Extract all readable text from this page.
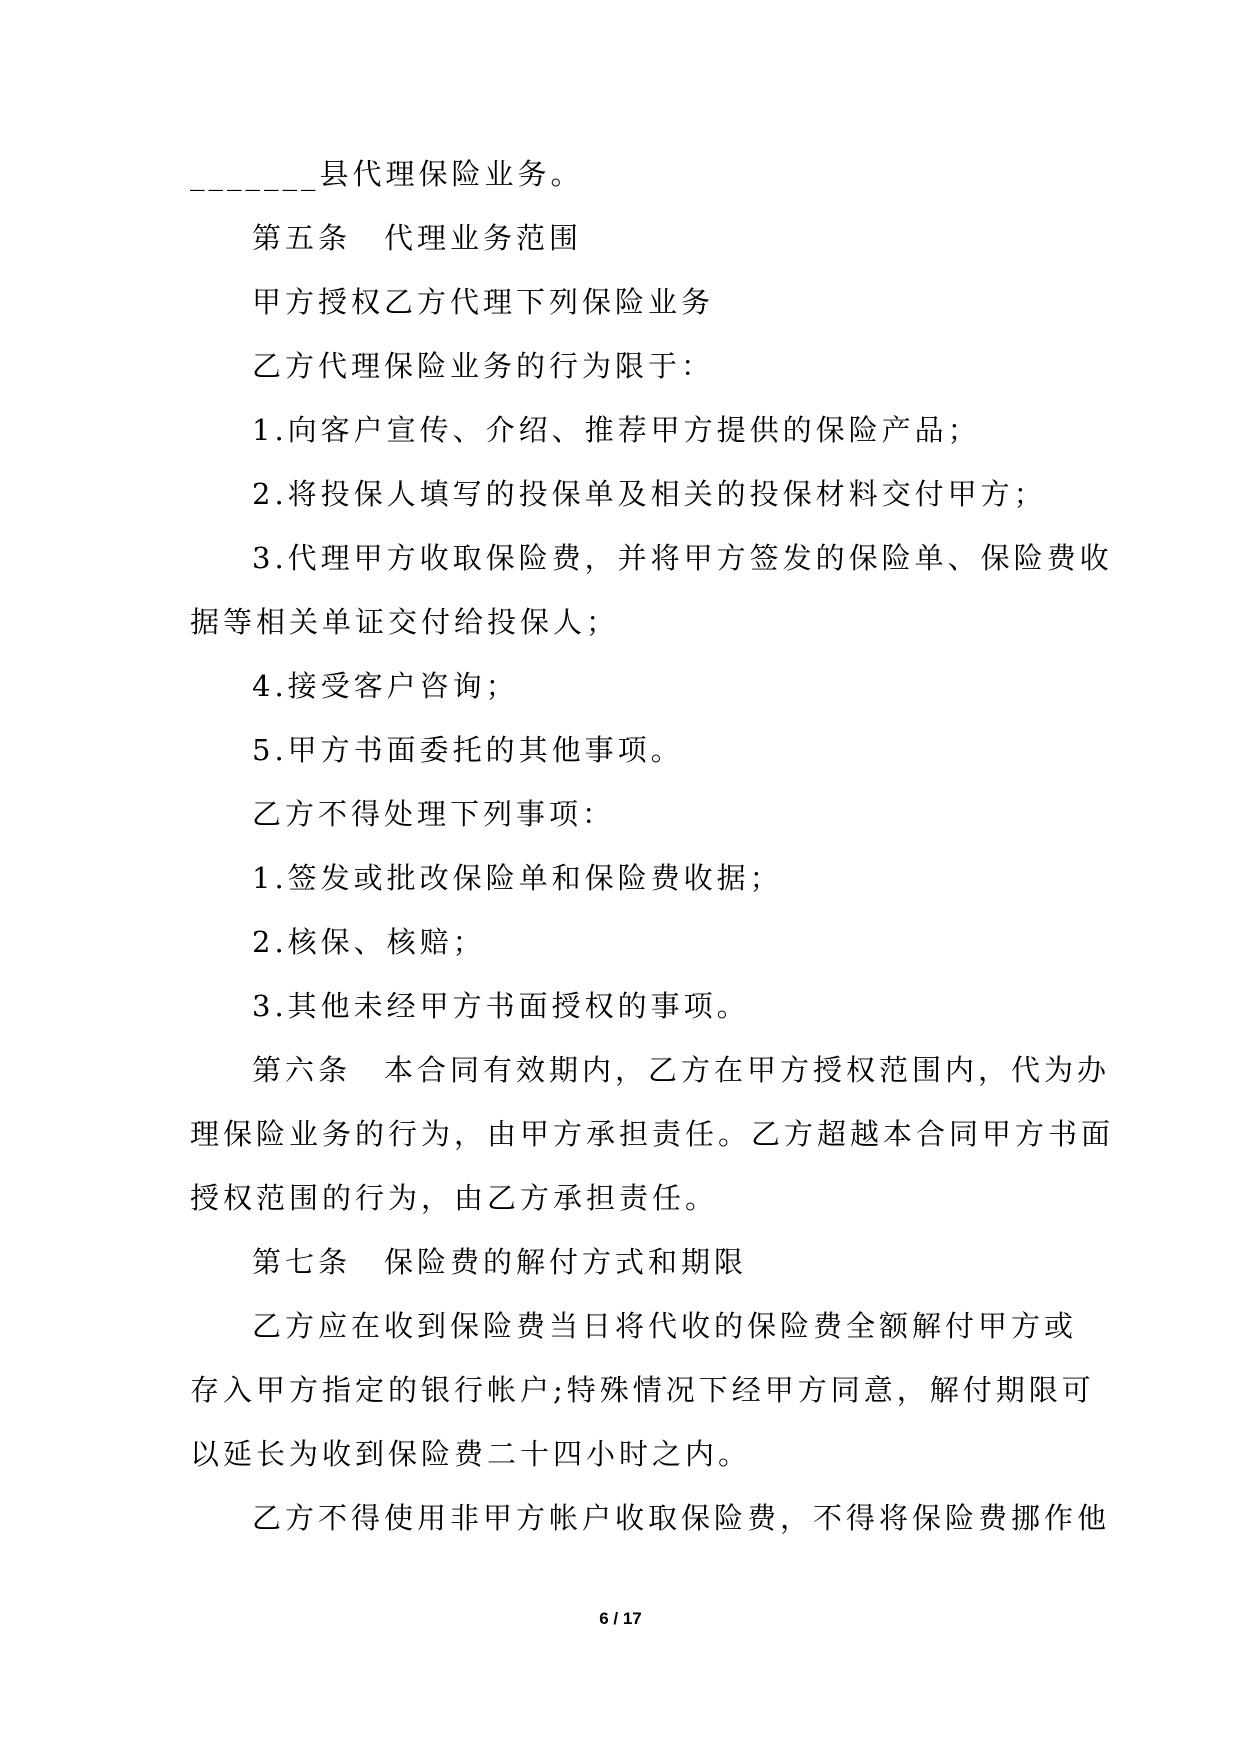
_______县代理保险业务。
第五条　代理业务范围
甲方授权乙方代理下列保险业务
乙方代理保险业务的行为限于：
1.向客户宣传、介绍、推荐甲方提供的保险产品；
2.将投保人填写的投保单及相关的投保材料交付甲方；
3.代理甲方收取保险费，并将甲方签发的保险单、保险费收
据等相关单证交付给投保人；
4.接受客户咨询；
5.甲方书面委托的其他事项。
乙方不得处理下列事项：
1.签发或批改保险单和保险费收据；
2.核保、核赔；
3.其他未经甲方书面授权的事项。
第六条　本合同有效期内，乙方在甲方授权范围内，代为办
理保险业务的行为，由甲方承担责任。乙方超越本合同甲方书面
授权范围的行为，由乙方承担责任。
第七条　保险费的解付方式和期限
乙方应在收到保险费当日将代收的保险费全额解付甲方或
存入甲方指定的银行帐户;特殊情况下经甲方同意，解付期限可
以延长为收到保险费二十四小时之内。
乙方不得使用非甲方帐户收取保险费，不得将保险费挪作他
6 / 17
